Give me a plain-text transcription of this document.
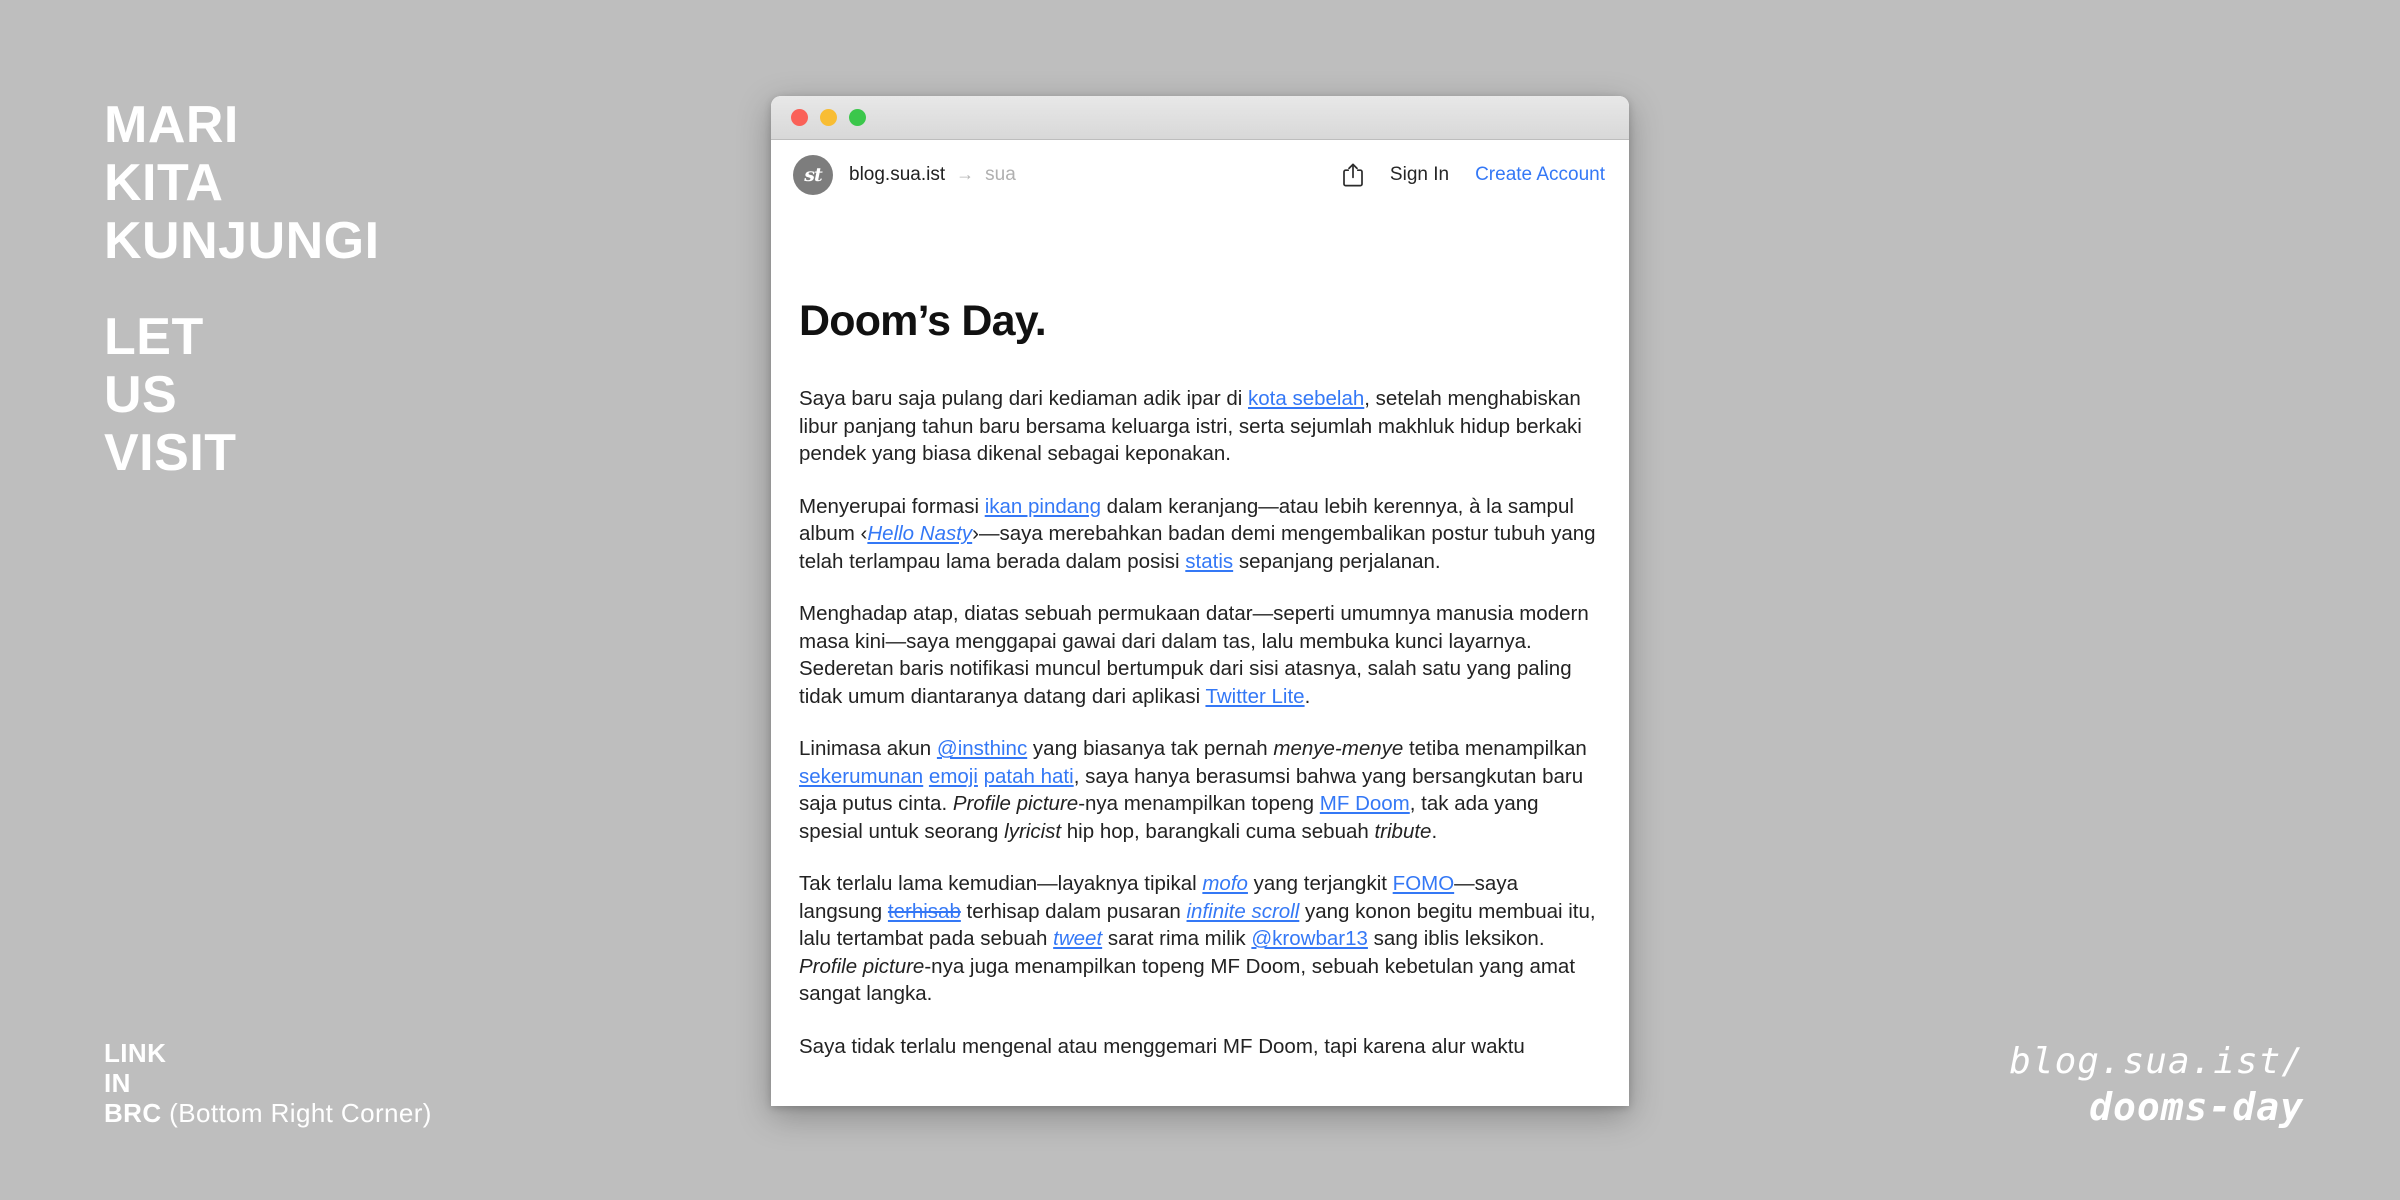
MARI
KITA
KUNJUNGI
LET
US
VISIT
LINK
IN
BRC (Bottom Right Corner)
blog.sua.ist/
dooms-day
st	blog.sua.ist → sua	Sign In Create Account
Doom’s Day.

Saya baru saja pulang dari kediaman adik ipar di kota sebelah, setelah menghabiskan libur panjang tahun baru bersama keluarga istri, serta sejumlah makhluk hidup berkaki pendek yang biasa dikenal sebagai keponakan.

Menyerupai formasi ikan pindang dalam keranjang—atau lebih kerennya, à la sampul album ‹Hello Nasty›—saya merebahkan badan demi mengembalikan postur tubuh yang telah terlampau lama berada dalam posisi statis sepanjang perjalanan.

Menghadap atap, diatas sebuah permukaan datar—seperti umumnya manusia modern masa kini—saya menggapai gawai dari dalam tas, lalu membuka kunci layarnya. Sederetan baris notifikasi muncul bertumpuk dari sisi atasnya, salah satu yang paling tidak umum diantaranya datang dari aplikasi Twitter Lite.

Linimasa akun @insthinc yang biasanya tak pernah menye-menye tetiba menampilkan sekerumunan emoji patah hati, saya hanya berasumsi bahwa yang bersangkutan baru saja putus cinta. Profile picture-nya menampilkan topeng MF Doom, tak ada yang spesial untuk seorang lyricist hip hop, barangkali cuma sebuah tribute.

Tak terlalu lama kemudian—layaknya tipikal mofo yang terjangkit FOMO—saya langsung terhisab terhisap dalam pusaran infinite scroll yang konon begitu membuai itu, lalu tertambat pada sebuah tweet sarat rima milik @krowbar13 sang iblis leksikon. Profile picture-nya juga menampilkan topeng MF Doom, sebuah kebetulan yang amat sangat langka.

Saya tidak terlalu mengenal atau menggemari MF Doom, tapi karena alur waktu
